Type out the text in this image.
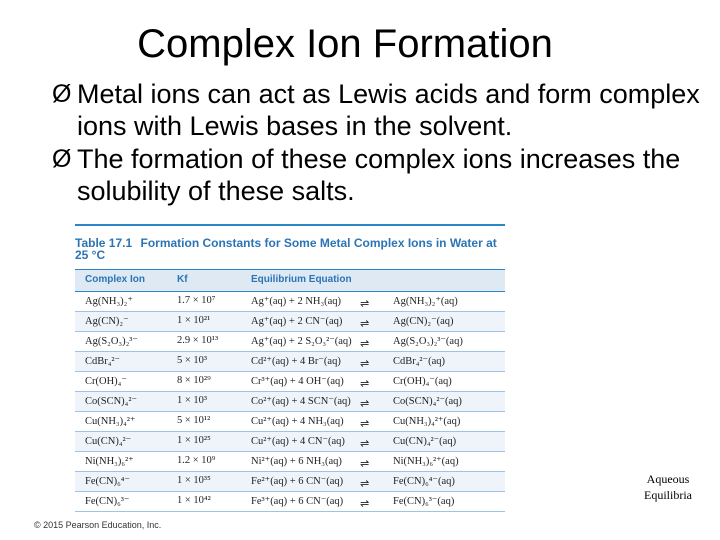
Complex Ion Formation
Ø Metal ions can act as Lewis acids and form complex ions with Lewis bases in the solvent.
Ø The formation of these complex ions increases the solubility of these salts.
Table 17.1 Formation Constants for Some Metal Complex Ions in Water at 25 °C
Complex Ion	Kf	Equilibrium Equation
Ag(NH₃)₂⁺	1.7 × 10⁷	Ag⁺(aq) + 2 NH₃(aq) ⇌ Ag(NH₃)₂⁺(aq)
Ag(CN)₂⁻	1 × 10²¹	Ag⁺(aq) + 2 CN⁻(aq) ⇌ Ag(CN)₂⁻(aq)
Ag(S₂O₃)₂³⁻	2.9 × 10¹³	Ag⁺(aq) + 2 S₂O₃²⁻(aq) ⇌ Ag(S₂O₃)₂³⁻(aq)
CdBr₄²⁻	5 × 10³	Cd²⁺(aq) + 4 Br⁻(aq) ⇌ CdBr₄²⁻(aq)
Cr(OH)₄⁻	8 × 10²⁹	Cr³⁺(aq) + 4 OH⁻(aq) ⇌ Cr(OH)₄⁻(aq)
Co(SCN)₄²⁻	1 × 10³	Co²⁺(aq) + 4 SCN⁻(aq) ⇌ Co(SCN)₄²⁻(aq)
Cu(NH₃)₄²⁺	5 × 10¹²	Cu²⁺(aq) + 4 NH₃(aq) ⇌ Cu(NH₃)₄²⁺(aq)
Cu(CN)₄²⁻	1 × 10²⁵	Cu²⁺(aq) + 4 CN⁻(aq) ⇌ Cu(CN)₄²⁻(aq)
Ni(NH₃)₆²⁺	1.2 × 10⁹	Ni²⁺(aq) + 6 NH₃(aq) ⇌ Ni(NH₃)₆²⁺(aq)
Fe(CN)₆⁴⁻	1 × 10³⁵	Fe²⁺(aq) + 6 CN⁻(aq) ⇌ Fe(CN)₆⁴⁻(aq)
Fe(CN)₆³⁻	1 × 10⁴²	Fe³⁺(aq) + 6 CN⁻(aq) ⇌ Fe(CN)₆³⁻(aq)
Aqueous Equilibria
© 2015 Pearson Education, Inc.
